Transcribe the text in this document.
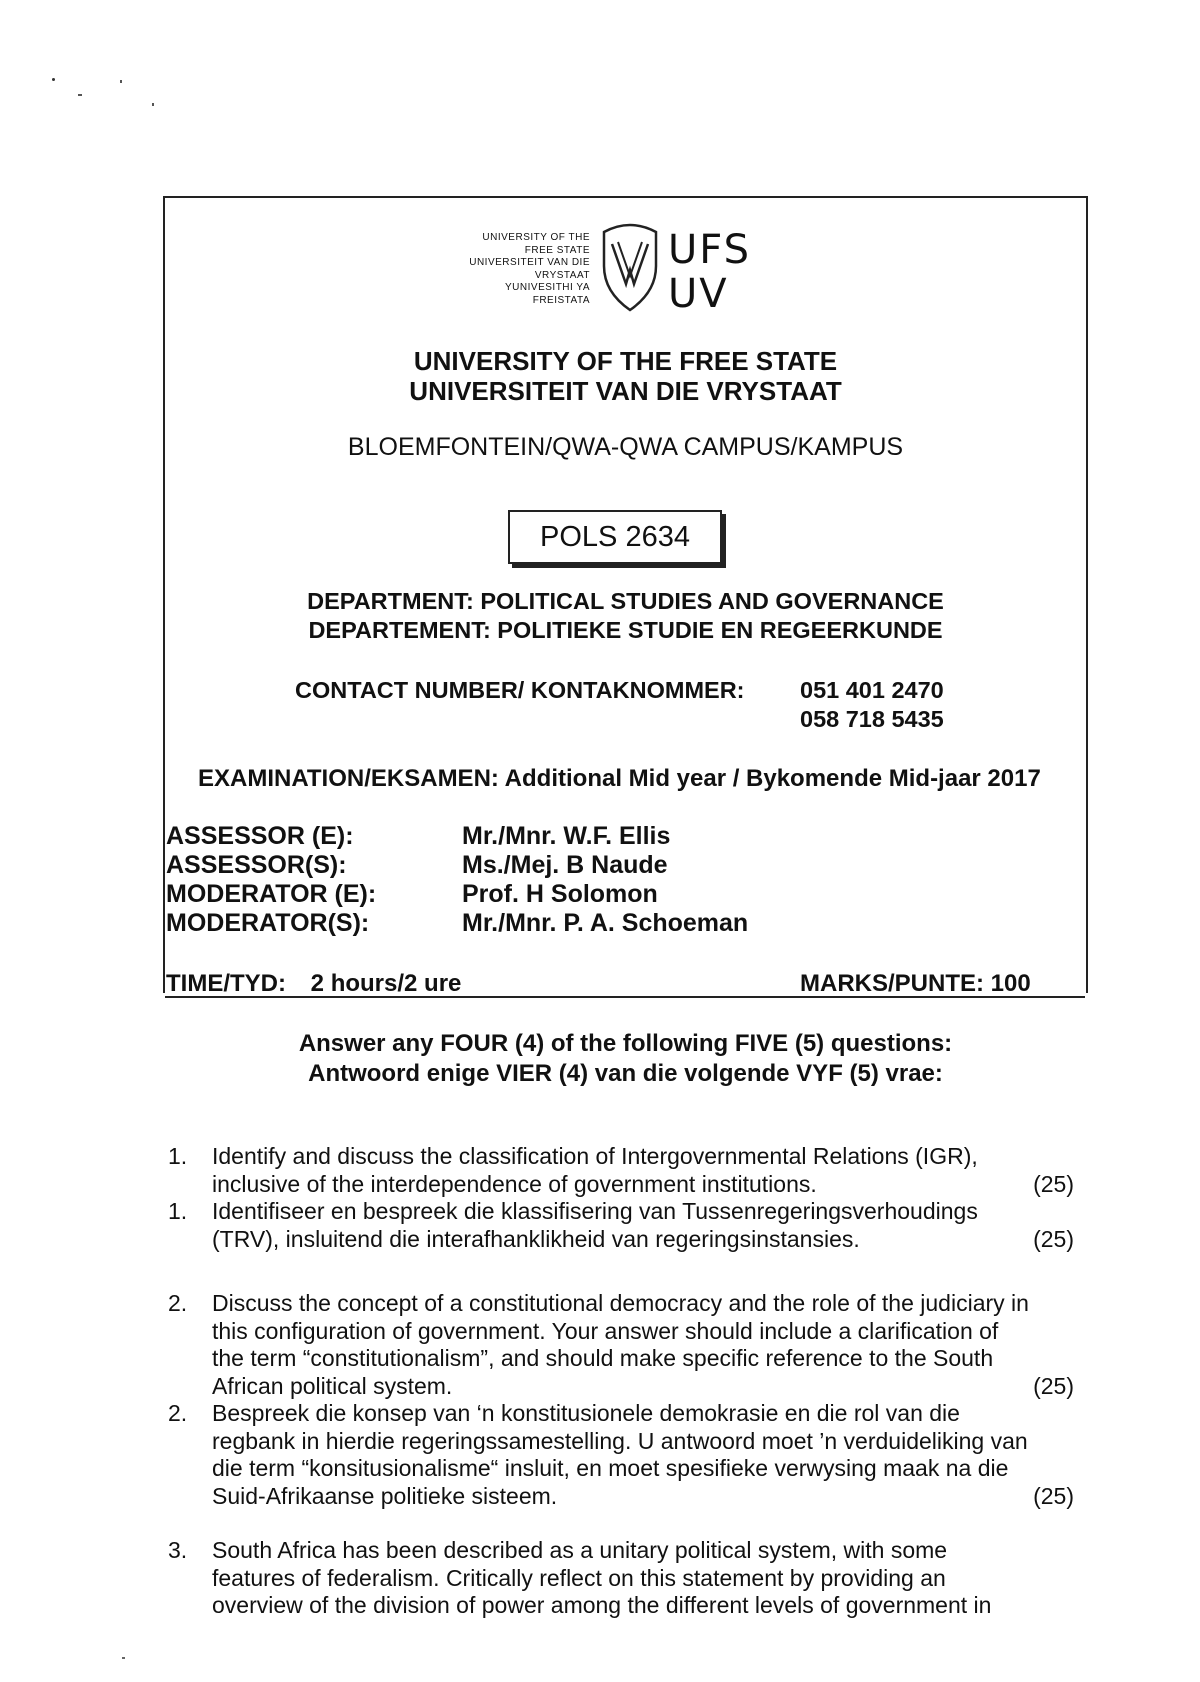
UNIVERSITY OF THE
FREE STATE
UNIVERSITEIT VAN DIE
VRYSTAAT
YUNIVESITHI YA
FREISTATA
UFS
UV
UNIVERSITY OF THE FREE STATE
UNIVERSITEIT VAN DIE VRYSTAAT
BLOEMFONTEIN/QWA-QWA CAMPUS/KAMPUS
POLS 2634
DEPARTMENT: POLITICAL STUDIES AND GOVERNANCE
DEPARTEMENT: POLITIEKE STUDIE EN REGEERKUNDE
CONTACT NUMBER/ KONTAKNOMMER: 051 401 2470
058 718 5435
EXAMINATION/EKSAMEN: Additional Mid year / Bykomende Mid-jaar 2017
ASSESSOR (E):	Mr./Mnr. W.F. Ellis
ASSESSOR(S):	Ms./Mej. B Naude
MODERATOR (E):	Prof. H Solomon
MODERATOR(S):	Mr./Mnr. P. A. Schoeman
TIME/TYD: 2 hours/2 ure	MARKS/PUNTE: 100
Answer any FOUR (4) of the following FIVE (5) questions:
Antwoord enige VIER (4) van die volgende VYF (5) vrae:
1. Identify and discuss the classification of Intergovernmental Relations (IGR),
inclusive of the interdependence of government institutions.	(25)
1. Identifiseer en bespreek die klassifisering van Tussenregeringsverhoudings
(TRV), insluitend die interafhanklikheid van regeringsinstansies.	(25)
2. Discuss the concept of a constitutional democracy and the role of the judiciary in
this configuration of government. Your answer should include a clarification of
the term “constitutionalism”, and should make specific reference to the South
African political system.	(25)
2. Bespreek die konsep van ‘n konstitusionele demokrasie en die rol van die
regbank in hierdie regeringssamestelling. U antwoord moet ’n verduideliking van
die term “konsitusionalisme“ insluit, en moet spesifieke verwysing maak na die
Suid-Afrikaanse politieke sisteem.	(25)
3. South Africa has been described as a unitary political system, with some
features of federalism. Critically reflect on this statement by providing an
overview of the division of power among the different levels of government in
